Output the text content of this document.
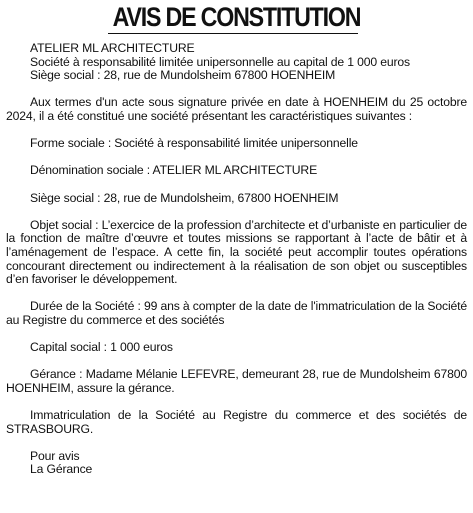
AVIS DE CONSTITUTION

ATELIER ML ARCHITECTURE
Société à responsabilité limitée unipersonnelle au capital de 1 000 euros
Siège social : 28, rue de Mundolsheim 67800 HOENHEIM

Aux termes d'un acte sous signature privée en date à HOENHEIM du 25 octobre 2024, il a été constitué une société présentant les caractéristiques suivantes :

Forme sociale : Société à responsabilité limitée unipersonnelle

Dénomination sociale : ATELIER ML ARCHITECTURE

Siège social : 28, rue de Mundolsheim, 67800 HOENHEIM

Objet social : L’exercice de la profession d’architecte et d’urbaniste en particulier de la fonction de maître d’œuvre et toutes missions se rapportant à l’acte de bâtir et à l’aménagement de l’espace. A cette fin, la société peut accomplir toutes opérations concourant directement ou indirectement à la réalisation de son objet ou susceptibles d’en favoriser le développement.

Durée de la Société : 99 ans à compter de la date de l'immatriculation de la Société au Registre du commerce et des sociétés

Capital social : 1 000 euros

Gérance : Madame Mélanie LEFEVRE, demeurant 28, rue de Mundolsheim 67800 HOENHEIM, assure la gérance.

Immatriculation de la Société au Registre du commerce et des sociétés de STRASBOURG.

Pour avis
La Gérance
